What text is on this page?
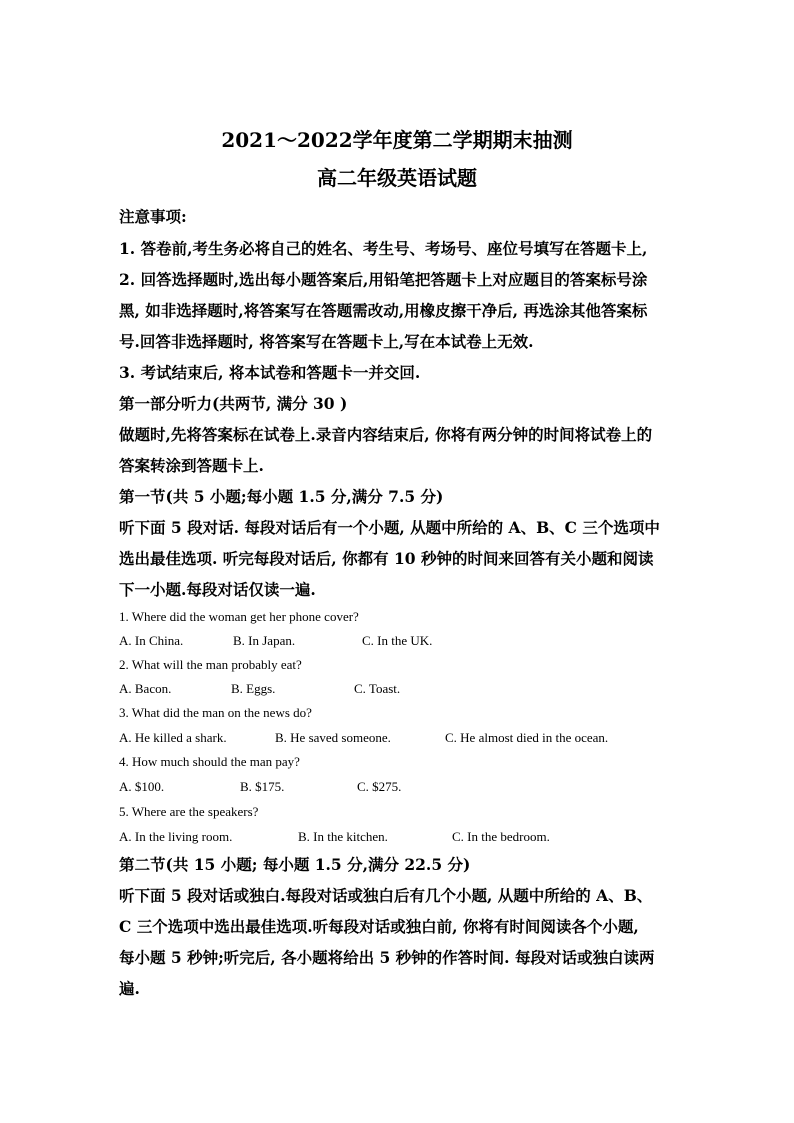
2021～2022学年度第二学期期末抽测
高二年级英语试题
注意事项:
1. 答卷前,考生务必将自己的姓名、考生号、考场号、座位号填写在答题卡上,
2. 回答选择题时,选出每小题答案后,用铅笔把答题卡上对应题目的答案标号涂
黑, 如非选择题时,将答案写在答题需改动,用橡皮擦干净后, 再选涂其他答案标
号.回答非选择题时, 将答案写在答题卡上,写在本试卷上无效.
3. 考试结束后, 将本试卷和答题卡一并交回.
第一部分听力(共两节, 满分 30 )
做题时,先将答案标在试卷上.录音内容结束后, 你将有两分钟的时间将试卷上的
答案转涂到答题卡上.
第一节(共 5 小题;每小题 1.5 分,满分 7.5 分)
听下面 5 段对话. 每段对话后有一个小题, 从题中所给的 A、B、C 三个选项中
选出最佳选项. 听完每段对话后, 你都有 10 秒钟的时间来回答有关小题和阅读
下一小题.每段对话仅读一遍.
1. Where did the woman get her phone cover?
A. In China.	B. In Japan.	C. In the UK.
2. What will the man probably eat?
A. Bacon.	B. Eggs.	C. Toast.
3. What did the man on the news do?
A. He killed a shark.	B. He saved someone.	C. He almost died in the ocean.
4. How much should the man pay?
A. $100.	B. $175.	C. $275.
5. Where are the speakers?
A. In the living room.	B. In the kitchen.	C. In the bedroom.
第二节(共 15 小题; 每小题 1.5 分,满分 22.5 分)
听下面 5 段对话或独白.每段对话或独白后有几个小题, 从题中所给的 A、B、
C 三个选项中选出最佳选项.听每段对话或独白前, 你将有时间阅读各个小题,
每小题 5 秒钟;听完后, 各小题将给出 5 秒钟的作答时间. 每段对话或独白读两
遍.
